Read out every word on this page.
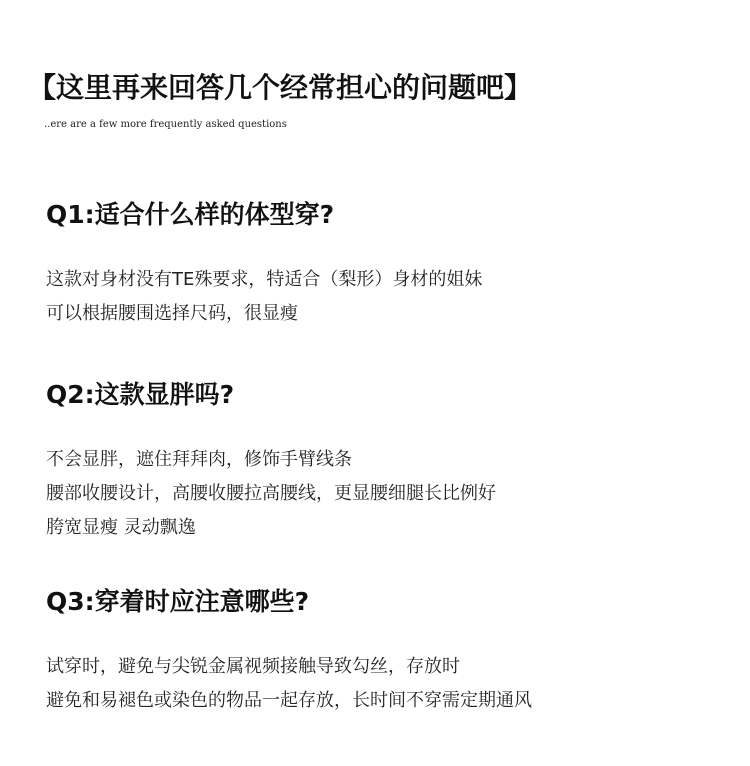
【这里再来回答几个经常担心的问题吧】
..ere are a few more frequently asked questions
Q1:适合什么样的体型穿?
这款对身材没有TE殊要求，特适合（梨形）身材的姐妹
可以根据腰围选择尺码，很显瘦
Q2:这款显胖吗?
不会显胖，遮住拜拜肉，修饰手臂线条
腰部收腰设计，高腰收腰拉高腰线，更显腰细腿长比例好
胯宽显瘦 灵动飘逸
Q3:穿着时应注意哪些?
试穿时，避免与尖锐金属视频接触导致勾丝，存放时
避免和易褪色或染色的物品一起存放，长时间不穿需定期通风
